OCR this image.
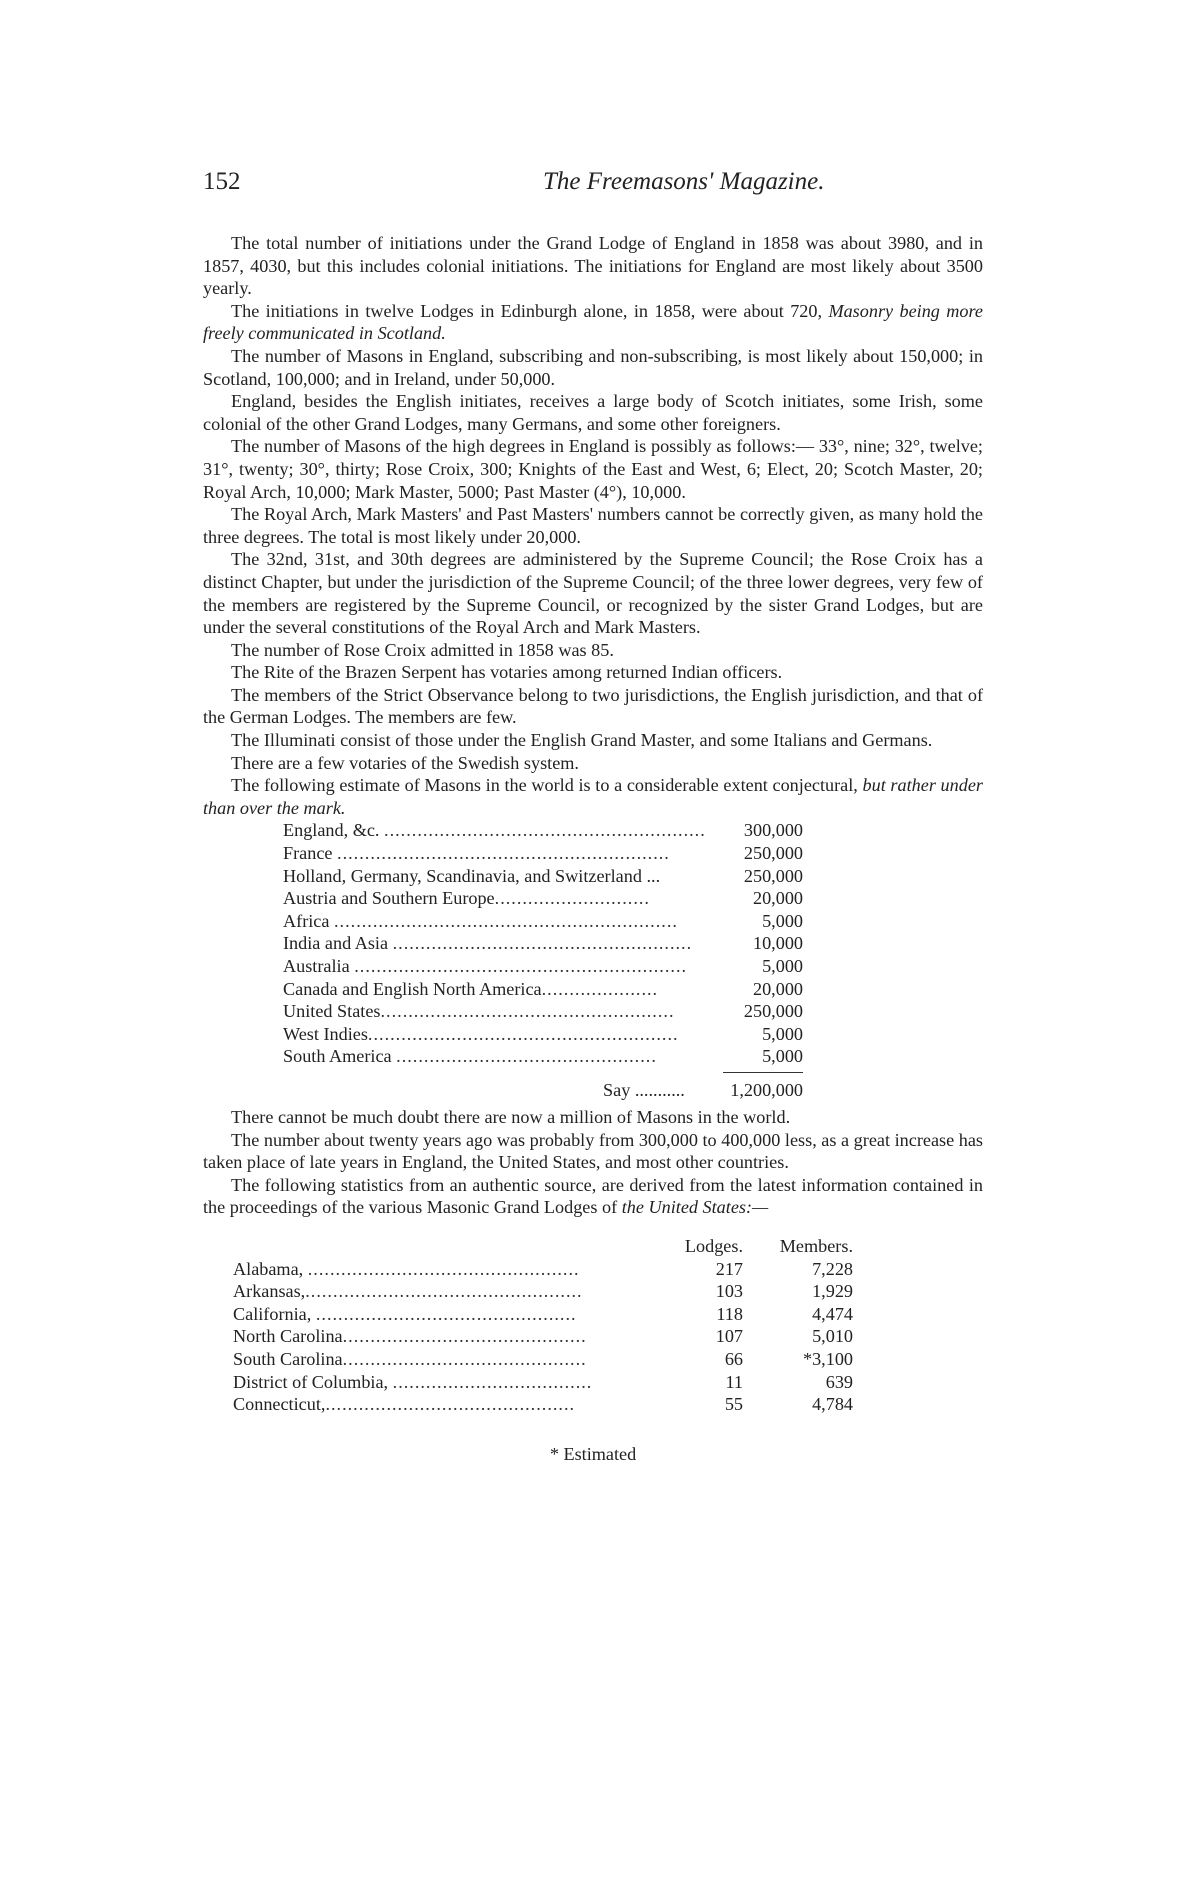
152	The Freemasons' Magazine.

The total number of initiations under the Grand Lodge of England in 1858 was about 3980, and in 1857, 4030, but this includes colonial initiations. The initiations for England are most likely about 3500 yearly.

The initiations in twelve Lodges in Edinburgh alone, in 1858, were about 720, Masonry being more freely communicated in Scotland.

The number of Masons in England, subscribing and non-subscribing, is most likely about 150,000; in Scotland, 100,000; and in Ireland, under 50,000.

England, besides the English initiates, receives a large body of Scotch initiates, some Irish, some colonial of the other Grand Lodges, many Germans, and some other foreigners.

The number of Masons of the high degrees in England is possibly as follows:— 33°, nine; 32°, twelve; 31°, twenty; 30°, thirty; Rose Croix, 300; Knights of the East and West, 6; Elect, 20; Scotch Master, 20; Royal Arch, 10,000; Mark Master, 5000; Past Master (4°), 10,000.

The Royal Arch, Mark Masters' and Past Masters' numbers cannot be correctly given, as many hold the three degrees. The total is most likely under 20,000.

The 32nd, 31st, and 30th degrees are administered by the Supreme Council; the Rose Croix has a distinct Chapter, but under the jurisdiction of the Supreme Council; of the three lower degrees, very few of the members are registered by the Supreme Council, or recognized by the sister Grand Lodges, but are under the several constitutions of the Royal Arch and Mark Masters.

The number of Rose Croix admitted in 1858 was 85.

The Rite of the Brazen Serpent has votaries among returned Indian officers.

The members of the Strict Observance belong to two jurisdictions, the English jurisdiction, and that of the German Lodges. The members are few.

The Illuminati consist of those under the English Grand Master, and some Italians and Germans.

There are a few votaries of the Swedish system.

The following estimate of Masons in the world is to a considerable extent conjectural, but rather under than over the mark.

England, &c. ..........................................................	300,000
France ............................................................	250,000
Holland, Germany, Scandinavia, and Switzerland ...	250,000
Austria and Southern Europe............................	20,000
Africa ..............................................................	5,000
India and Asia ......................................................	10,000
Australia ............................................................	5,000
Canada and English North America.....................	20,000
United States.....................................................	250,000
West Indies........................................................	5,000
South America ...............................................	5,000
Say ...........	1,200,000

There cannot be much doubt there are now a million of Masons in the world.

The number about twenty years ago was probably from 300,000 to 400,000 less, as a great increase has taken place of late years in England, the United States, and most other countries.

The following statistics from an authentic source, are derived from the latest information contained in the proceedings of the various Masonic Grand Lodges of the United States:—

	Lodges.	Members.
Alabama, .................................................	217	7,228
Arkansas,..................................................	103	1,929
California, ...............................................	118	4,474
North Carolina............................................	107	5,010
South Carolina............................................	66	*3,100
District of Columbia, ....................................	11	639
Connecticut,.............................................	55	4,784

* Estimated
